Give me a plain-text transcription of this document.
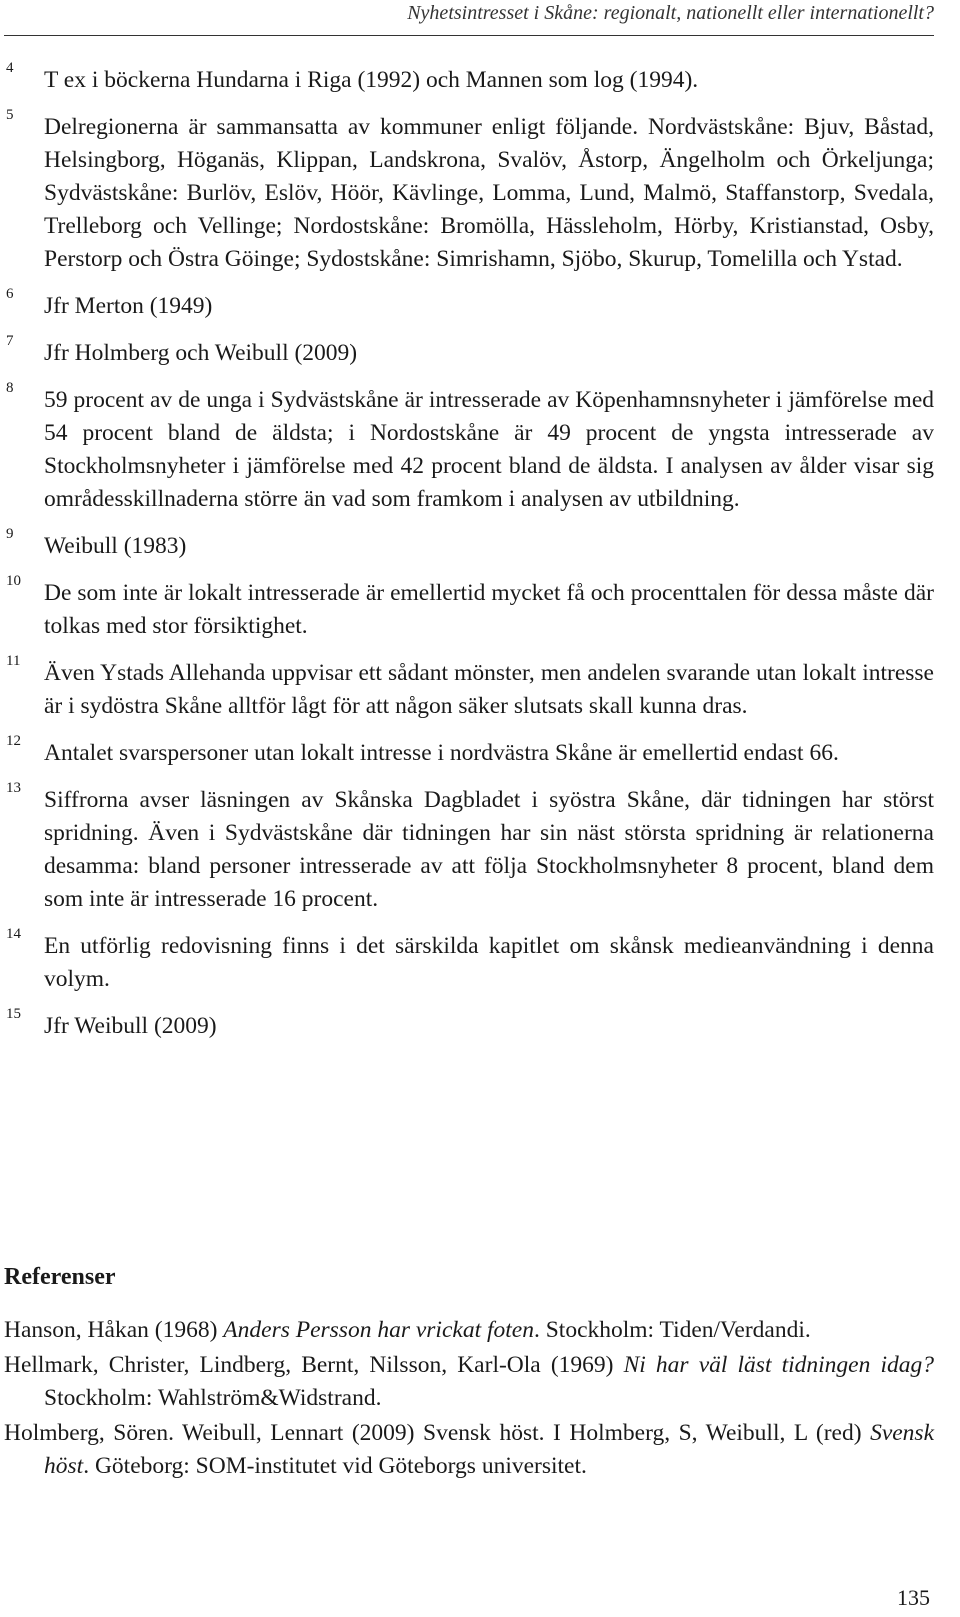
Nyhetsintresset i Skåne: regionalt, nationellt eller internationellt?
4 T ex i böckerna Hundarna i Riga (1992) och Mannen som log (1994).
5 Delregionerna är sammansatta av kommuner enligt följande. Nordvästskåne: Bjuv, Båstad, Helsingborg, Höganäs, Klippan, Landskrona, Svalöv, Åstorp, Ängelholm och Örkeljunga; Sydvästskåne: Burlöv, Eslöv, Höör, Kävlinge, Lomma, Lund, Malmö, Staffanstorp, Svedala, Trelleborg och Vellinge; Nordostskåne: Bromölla, Hässleholm, Hörby, Kristianstad, Osby, Perstorp och Östra Göinge; Sydostskåne: Simrishamn, Sjöbo, Skurup, Tomelilla och Ystad.
6 Jfr Merton (1949)
7 Jfr Holmberg och Weibull (2009)
8 59 procent av de unga i Sydvästskåne är intresserade av Köpenhamnsnyheter i jämförelse med 54 procent bland de äldsta; i Nordostskåne är 49 procent de yngsta intresserade av Stockholmsnyheter i jämförelse med 42 procent bland de äldsta. I analysen av ålder visar sig områdesskillnaderna större än vad som framkom i analysen av utbildning.
9 Weibull (1983)
10 De som inte är lokalt intresserade är emellertid mycket få och procenttalen för dessa måste där tolkas med stor försiktighet.
11 Även Ystads Allehanda uppvisar ett sådant mönster, men andelen svarande utan lokalt intresse är i sydöstra Skåne alltför lågt för att någon säker slutsats skall kunna dras.
12 Antalet svarspersoner utan lokalt intresse i nordvästra Skåne är emellertid endast 66.
13 Siffrorna avser läsningen av Skånska Dagbladet i syöstra Skåne, där tidningen har störst spridning. Även i Sydvästskåne där tidningen har sin näst största spridning är relationerna desamma: bland personer intresserade av att följa Stockholmsnyheter 8 procent, bland dem som inte är intresserade 16 procent.
14 En utförlig redovisning finns i det särskilda kapitlet om skånsk medieanvändning i denna volym.
15 Jfr Weibull (2009)
Referenser
Hanson, Håkan (1968) Anders Persson har vrickat foten. Stockholm: Tiden/Verdandi.
Hellmark, Christer, Lindberg, Bernt, Nilsson, Karl-Ola (1969) Ni har väl läst tidningen idag? Stockholm: Wahlström&Widstrand.
Holmberg, Sören. Weibull, Lennart (2009) Svensk höst. I Holmberg, S, Weibull, L (red) Svensk höst. Göteborg: SOM-institutet vid Göteborgs universitet.
135
